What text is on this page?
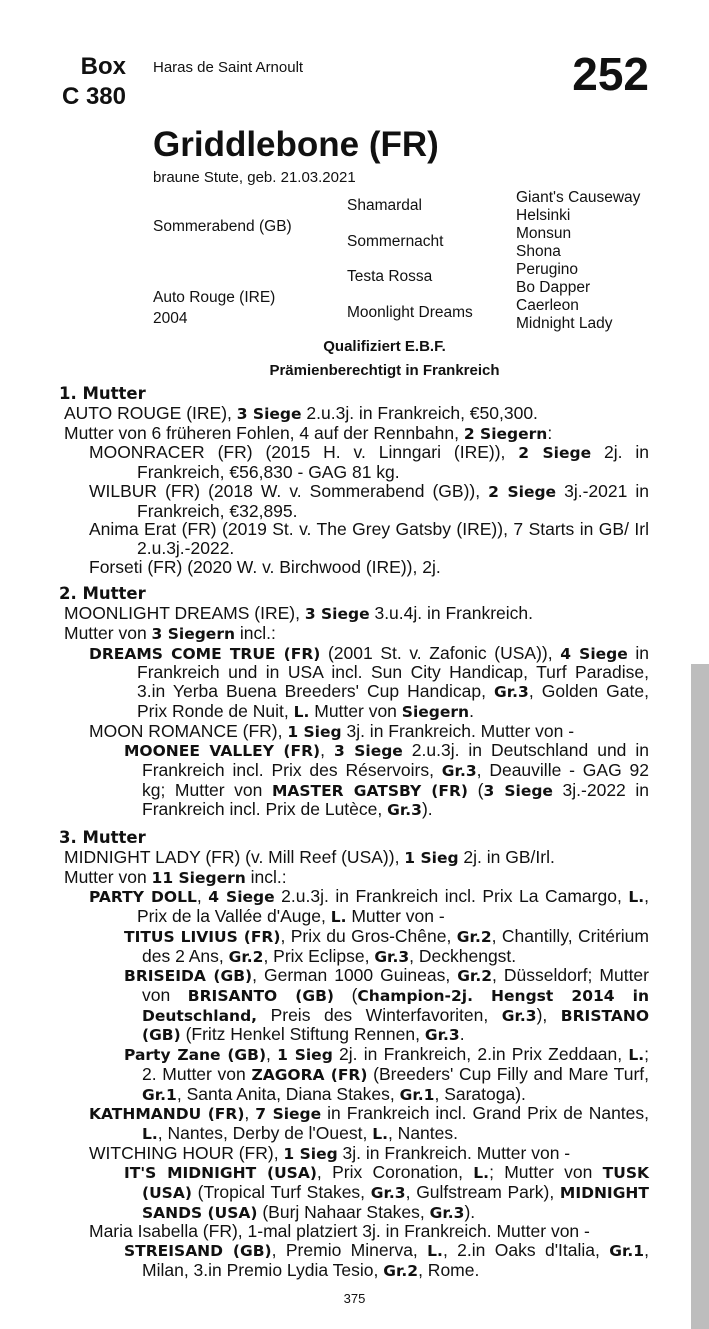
Box
C 380
Haras de Saint Arnoult	252
Griddlebone (FR)
braune Stute, geb. 21.03.2021
Sommerabend (GB)
Auto Rouge (IRE)
2004
Shamardal
Sommernacht
Testa Rossa
Moonlight Dreams
Giant's Causeway
Helsinki
Monsun
Shona
Perugino
Bo Dapper
Caerleon
Midnight Lady
Qualifiziert E.B.F.
Prämienberechtigt in Frankreich
1. Mutter
AUTO ROUGE (IRE), 3 Siege 2.u.3j. in Frankreich, €50,300.
Mutter von 6 früheren Fohlen, 4 auf der Rennbahn, 2 Siegern:
MOONRACER (FR) (2015 H. v. Linngari (IRE)), 2 Siege 2j. in Frankreich, €56,830 - GAG 81 kg.
WILBUR (FR) (2018 W. v. Sommerabend (GB)), 2 Siege 3j.-2021 in Frankreich, €32,895.
Anima Erat (FR) (2019 St. v. The Grey Gatsby (IRE)), 7 Starts in GB/ Irl 2.u.3j.-2022.
Forseti (FR) (2020 W. v. Birchwood (IRE)), 2j.
2. Mutter
MOONLIGHT DREAMS (IRE), 3 Siege 3.u.4j. in Frankreich.
Mutter von 3 Siegern incl.:
DREAMS COME TRUE (FR) (2001 St. v. Zafonic (USA)), 4 Siege in Frankreich und in USA incl. Sun City Handicap, Turf Paradise, 3.in Yerba Buena Breeders' Cup Handicap, Gr.3, Golden Gate, Prix Ronde de Nuit, L. Mutter von Siegern.
MOON ROMANCE (FR), 1 Sieg 3j. in Frankreich. Mutter von -
MOONEE VALLEY (FR), 3 Siege 2.u.3j. in Deutschland und in Frankreich incl. Prix des Réservoirs, Gr.3, Deauville - GAG 92 kg; Mutter von MASTER GATSBY (FR) (3 Siege 3j.-2022 in Frankreich incl. Prix de Lutèce, Gr.3).
3. Mutter
MIDNIGHT LADY (FR) (v. Mill Reef (USA)), 1 Sieg 2j. in GB/Irl.
Mutter von 11 Siegern incl.:
PARTY DOLL, 4 Siege 2.u.3j. in Frankreich incl. Prix La Camargo, L., Prix de la Vallée d'Auge, L. Mutter von -
TITUS LIVIUS (FR), Prix du Gros-Chêne, Gr.2, Chantilly, Critérium des 2 Ans, Gr.2, Prix Eclipse, Gr.3, Deckhengst.
BRISEIDA (GB), German 1000 Guineas, Gr.2, Düsseldorf; Mutter von BRISANTO (GB) (Champion-2j. Hengst 2014 in Deutschland, Preis des Winterfavoriten, Gr.3), BRISTANO (GB) (Fritz Henkel Stiftung Rennen, Gr.3.
Party Zane (GB), 1 Sieg 2j. in Frankreich, 2.in Prix Zeddaan, L.; 2. Mutter von ZAGORA (FR) (Breeders' Cup Filly and Mare Turf, Gr.1, Santa Anita, Diana Stakes, Gr.1, Saratoga).
KATHMANDU (FR), 7 Siege in Frankreich incl. Grand Prix de Nantes, L., Nantes, Derby de l'Ouest, L., Nantes.
WITCHING HOUR (FR), 1 Sieg 3j. in Frankreich. Mutter von -
IT'S MIDNIGHT (USA), Prix Coronation, L.; Mutter von TUSK (USA) (Tropical Turf Stakes, Gr.3, Gulfstream Park), MIDNIGHT SANDS (USA) (Burj Nahaar Stakes, Gr.3).
Maria Isabella (FR), 1-mal platziert 3j. in Frankreich. Mutter von -
STREISAND (GB), Premio Minerva, L., 2.in Oaks d'Italia, Gr.1, Milan, 3.in Premio Lydia Tesio, Gr.2, Rome.
375
